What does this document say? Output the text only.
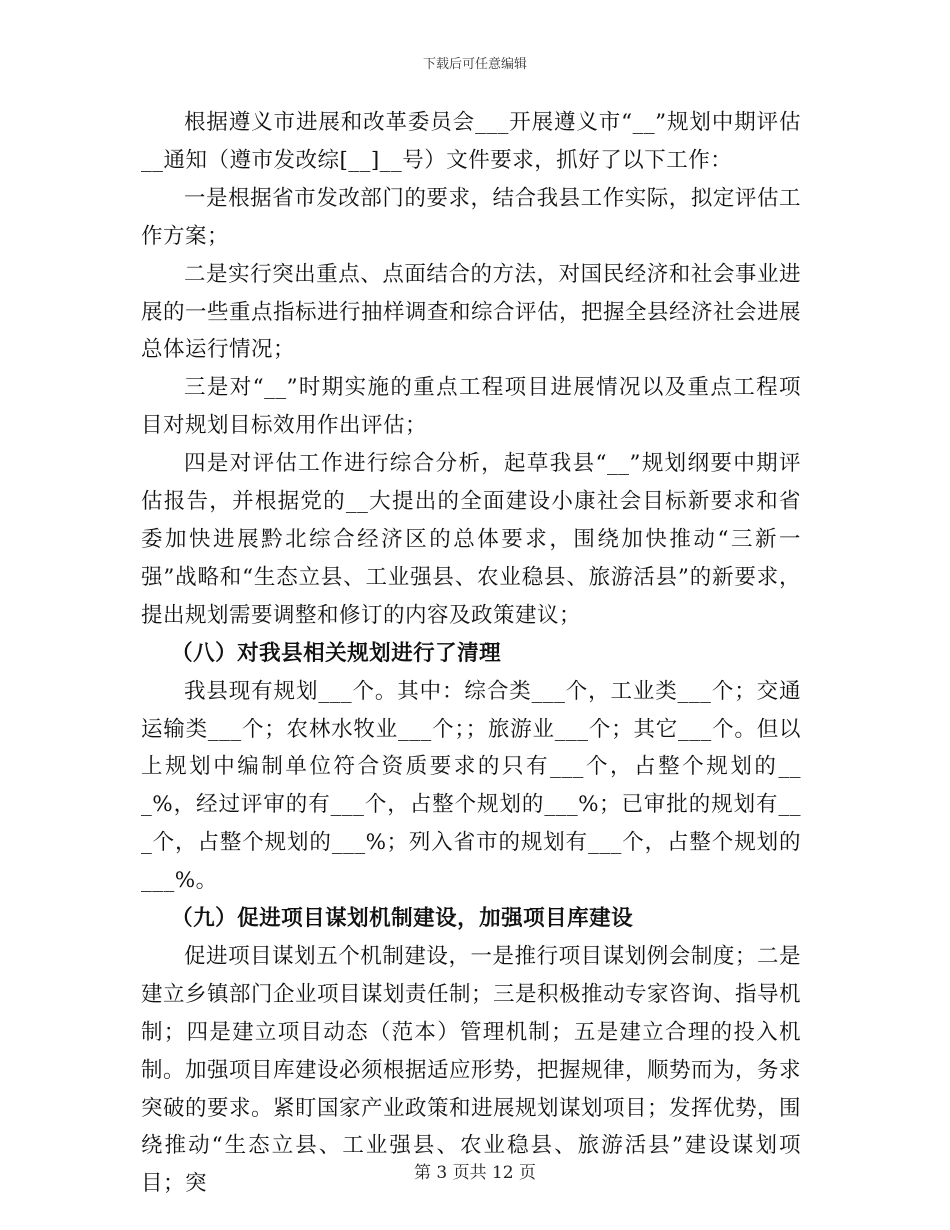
下载后可任意编辑

根据遵义市进展和改革委员会___开展遵义市“__”规划中期评估__通知（遵市发改综[__]__号）文件要求，抓好了以下工作：

一是根据省市发改部门的要求，结合我县工作实际，拟定评估工作方案；

二是实行突出重点、点面结合的方法，对国民经济和社会事业进展的一些重点指标进行抽样调查和综合评估，把握全县经济社会进展总体运行情况；

三是对“__”时期实施的重点工程项目进展情况以及重点工程项目对规划目标效用作出评估；

四是对评估工作进行综合分析，起草我县“__”规划纲要中期评估报告，并根据党的__大提出的全面建设小康社会目标新要求和省委加快进展黔北综合经济区的总体要求，围绕加快推动“三新一强”战略和“生态立县、工业强县、农业稳县、旅游活县”的新要求，提出规划需要调整和修订的内容及政策建议；

（八）对我县相关规划进行了清理

我县现有规划___个。其中：综合类___个，工业类___个；交通运输类___个；农林水牧业___个；；旅游业___个；其它___个。但以上规划中编制单位符合资质要求的只有___个，占整个规划的___%，经过评审的有___个，占整个规划的___%；已审批的规划有___个，占整个规划的___%；列入省市的规划有___个，占整个规划的___%。

（九）促进项目谋划机制建设，加强项目库建设

促进项目谋划五个机制建设，一是推行项目谋划例会制度；二是建立乡镇部门企业项目谋划责任制；三是积极推动专家咨询、指导机制；四是建立项目动态（范本）管理机制；五是建立合理的投入机制。加强项目库建设必须根据适应形势，把握规律，顺势而为，务求突破的要求。紧盯国家产业政策和进展规划谋划项目；发挥优势，围绕推动“生态立县、工业强县、农业稳县、旅游活县”建设谋划项目；突	第 3 页共 12 页
